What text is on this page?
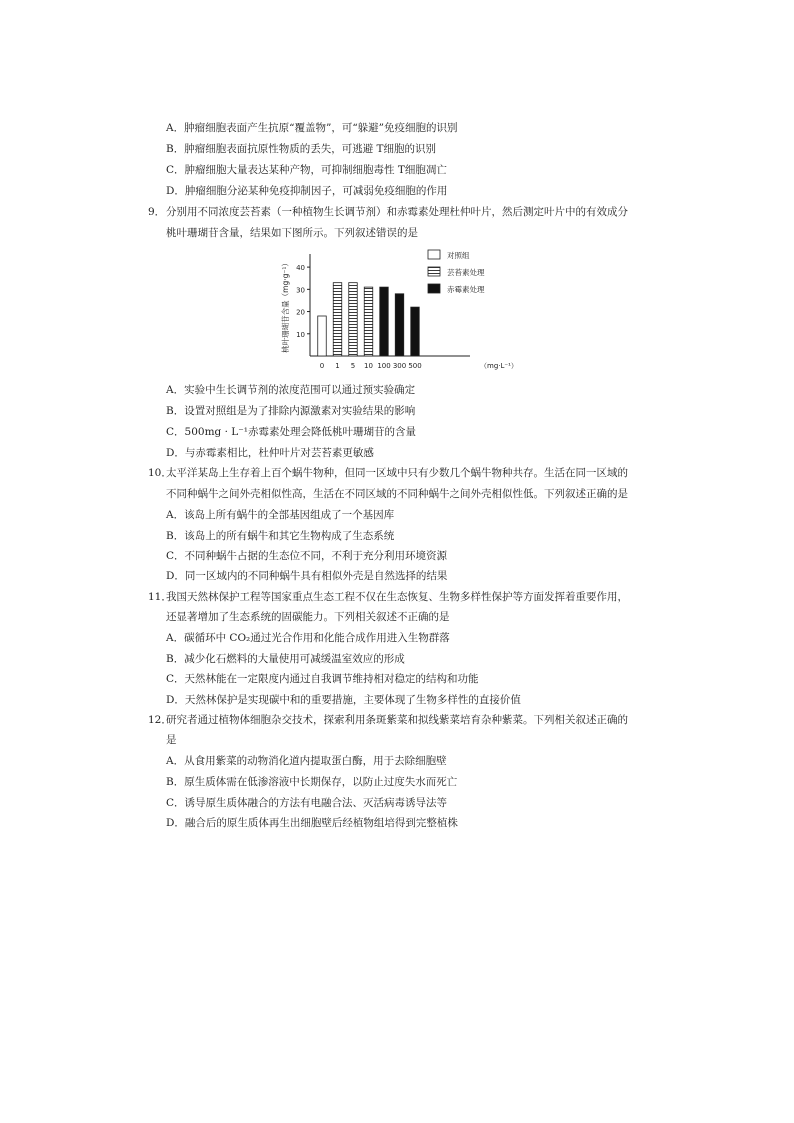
A．肿瘤细胞表面产生抗原“覆盖物”，可“躲避”免疫细胞的识别
B．肿瘤细胞表面抗原性物质的丢失，可逃避 T细胞的识别
C．肿瘤细胞大量表达某种产物，可抑制细胞毒性 T细胞凋亡
D．肿瘤细胞分泌某种免疫抑制因子，可减弱免疫细胞的作用
9． 分别用不同浓度芸苔素（一种植物生长调节剂）和赤霉素处理杜仲叶片，然后测定叶片中的有效成分
桃叶珊瑚苷含量，结果如下图所示。下列叙述错误的是
10
20
30
40
桃叶珊瑚苷含量（mg·g⁻¹）
0 1 5 10 100 300 500	（mg·L⁻¹）
对照组
芸苔素处理
赤霉素处理
A．实验中生长调节剂的浓度范围可以通过预实验确定
B．设置对照组是为了排除内源激素对实验结果的影响
C．500mg · L⁻¹赤霉素处理会降低桃叶珊瑚苷的含量
D．与赤霉素相比，杜仲叶片对芸苔素更敏感
10．
太平洋某岛上生存着上百个蜗牛物种，但同一区域中只有少数几个蜗牛物种共存。生活在同一区域的
不同种蜗牛之间外壳相似性高，生活在不同区域的不同种蜗牛之间外壳相似性低。下列叙述正确的是
A．该岛上所有蜗牛的全部基因组成了一个基因库
B．该岛上的所有蜗牛和其它生物构成了生态系统
C．不同种蜗牛占据的生态位不同，不利于充分利用环境资源
D．同一区域内的不同种蜗牛具有相似外壳是自然选择的结果
11．
我国天然林保护工程等国家重点生态工程不仅在生态恢复、生物多样性保护等方面发挥着重要作用，
还显著增加了生态系统的固碳能力。下列相关叙述不正确的是
A．碳循环中 CO₂通过光合作用和化能合成作用进入生物群落
B．减少化石燃料的大量使用可减缓温室效应的形成
C．天然林能在一定限度内通过自我调节维持相对稳定的结构和功能
D．天然林保护是实现碳中和的重要措施，主要体现了生物多样性的直接价值
12．
研究者通过植物体细胞杂交技术，探索利用条斑紫菜和拟线紫菜培育杂种紫菜。下列相关叙述正确的
是
A．从食用紫菜的动物消化道内提取蛋白酶，用于去除细胞壁
B．原生质体需在低渗溶液中长期保存，以防止过度失水而死亡
C．诱导原生质体融合的方法有电融合法、灭活病毒诱导法等
D．融合后的原生质体再生出细胞壁后经植物组培得到完整植株
